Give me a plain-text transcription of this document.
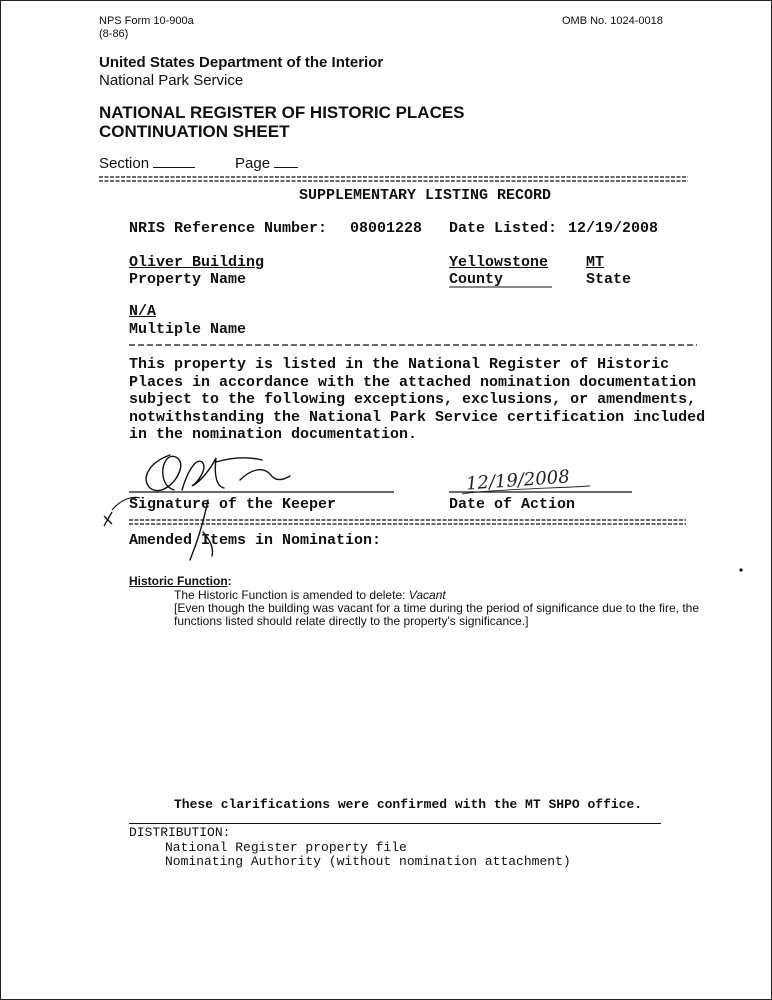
NPS Form 10-900a
(8-86)
OMB No. 1024-0018
United States Department of the Interior
National Park Service
NATIONAL REGISTER OF HISTORIC PLACES
CONTINUATION SHEET
Section	Page
SUPPLEMENTARY LISTING RECORD
NRIS Reference Number: 08001228 Date Listed: 12/19/2008
Oliver Building
Property Name
Yellowstone
County
MT
State
N/A
Multiple Name
This property is listed in the National Register of Historic
Places in accordance with the attached nomination documentation
subject to the following exceptions, exclusions, or amendments,
notwithstanding the National Park Service certification included
in the nomination documentation.
Signature of the Keeper	Date of Action
12/19/2008
Amended Items in Nomination:
Historic Function:
The Historic Function is amended to delete: Vacant
[Even though the building was vacant for a time during the period of significance due to the fire, the
functions listed should relate directly to the property's significance.]
These clarifications were confirmed with the MT SHPO office.
DISTRIBUTION:
National Register property file
Nominating Authority (without nomination attachment)
